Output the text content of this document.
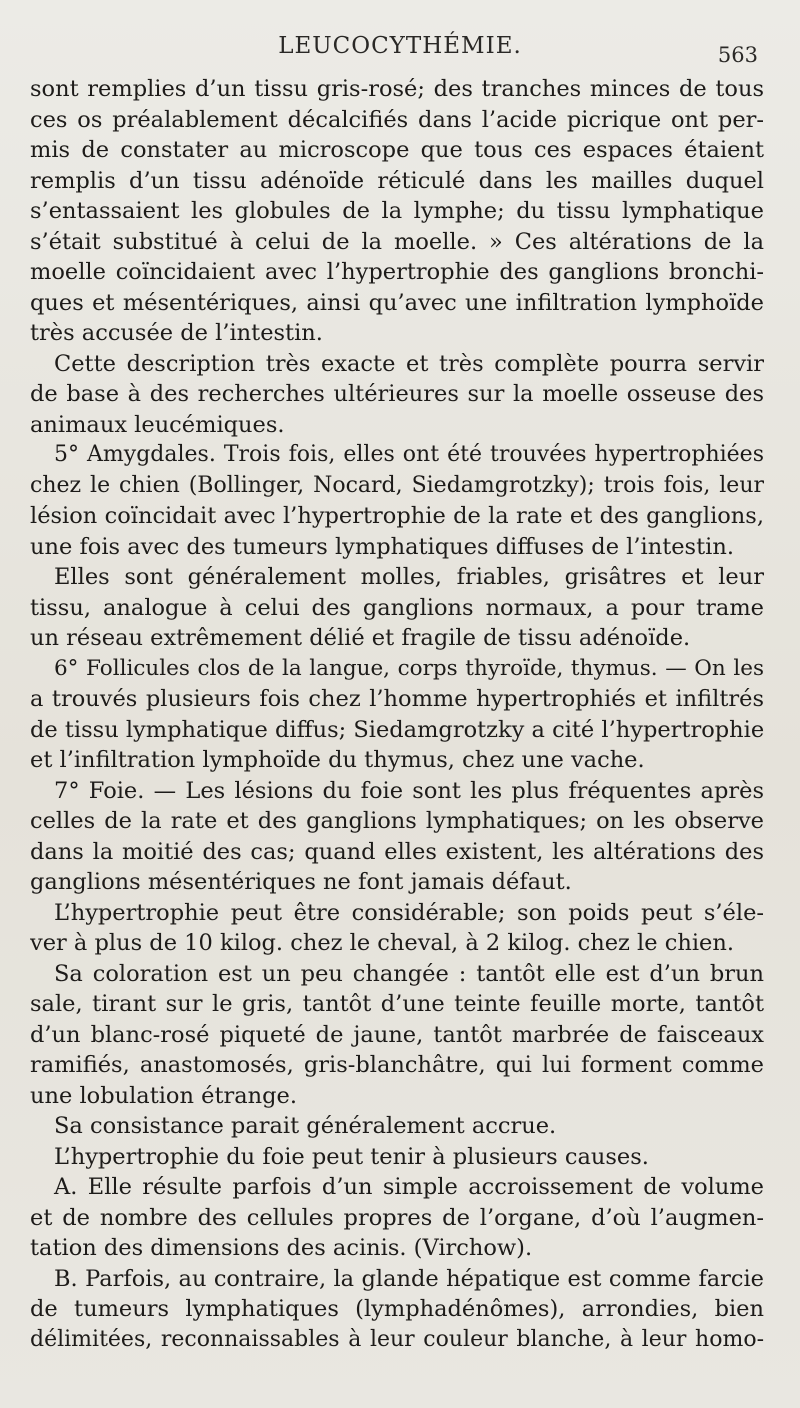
LEUCOCYTHÉMIE.	563
sont remplies d’un tissu gris-rosé; des tranches minces de tous
ces os préalablement décalcifiés dans l’acide picrique ont per-
mis de constater au microscope que tous ces espaces étaient
remplis d’un tissu adénoïde réticulé dans les mailles duquel
s’entassaient les globules de la lymphe; du tissu lymphatique
s’était substitué à celui de la moelle. » Ces altérations de la
moelle coïncidaient avec l’hypertrophie des ganglions bronchi-
ques et mésentériques, ainsi qu’avec une infiltration lymphoïde
très accusée de l’intestin.
Cette description très exacte et très complète pourra servir
de base à des recherches ultérieures sur la moelle osseuse des
animaux leucémiques.
5° Amygdales. Trois fois, elles ont été trouvées hypertrophiées
chez le chien (Bollinger, Nocard, Siedamgrotzky); trois fois, leur
lésion coïncidait avec l’hypertrophie de la rate et des ganglions,
une fois avec des tumeurs lymphatiques diffuses de l’intestin.
Elles sont généralement molles, friables, grisâtres et leur
tissu, analogue à celui des ganglions normaux, a pour trame
un réseau extrêmement délié et fragile de tissu adénoïde.
6° Follicules clos de la langue, corps thyroïde, thymus. — On les
a trouvés plusieurs fois chez l’homme hypertrophiés et infiltrés
de tissu lymphatique diffus; Siedamgrotzky a cité l’hypertrophie
et l’infiltration lymphoïde du thymus, chez une vache.
7° Foie. — Les lésions du foie sont les plus fréquentes après
celles de la rate et des ganglions lymphatiques; on les observe
dans la moitié des cas; quand elles existent, les altérations des
ganglions mésentériques ne font jamais défaut.
L’hypertrophie peut être considérable; son poids peut s’éle-
ver à plus de 10 kilog. chez le cheval, à 2 kilog. chez le chien.
Sa coloration est un peu changée : tantôt elle est d’un brun
sale, tirant sur le gris, tantôt d’une teinte feuille morte, tantôt
d’un blanc-rosé piqueté de jaune, tantôt marbrée de faisceaux
ramifiés, anastomosés, gris-blanchâtre, qui lui forment comme
une lobulation étrange.
Sa consistance parait généralement accrue.
L’hypertrophie du foie peut tenir à plusieurs causes.
A. Elle résulte parfois d’un simple accroissement de volume
et de nombre des cellules propres de l’organe, d’où l’augmen-
tation des dimensions des acinis. (Virchow).
B. Parfois, au contraire, la glande hépatique est comme farcie
de tumeurs lymphatiques (lymphadénômes), arrondies, bien
délimitées, reconnaissables à leur couleur blanche, à leur homo-
